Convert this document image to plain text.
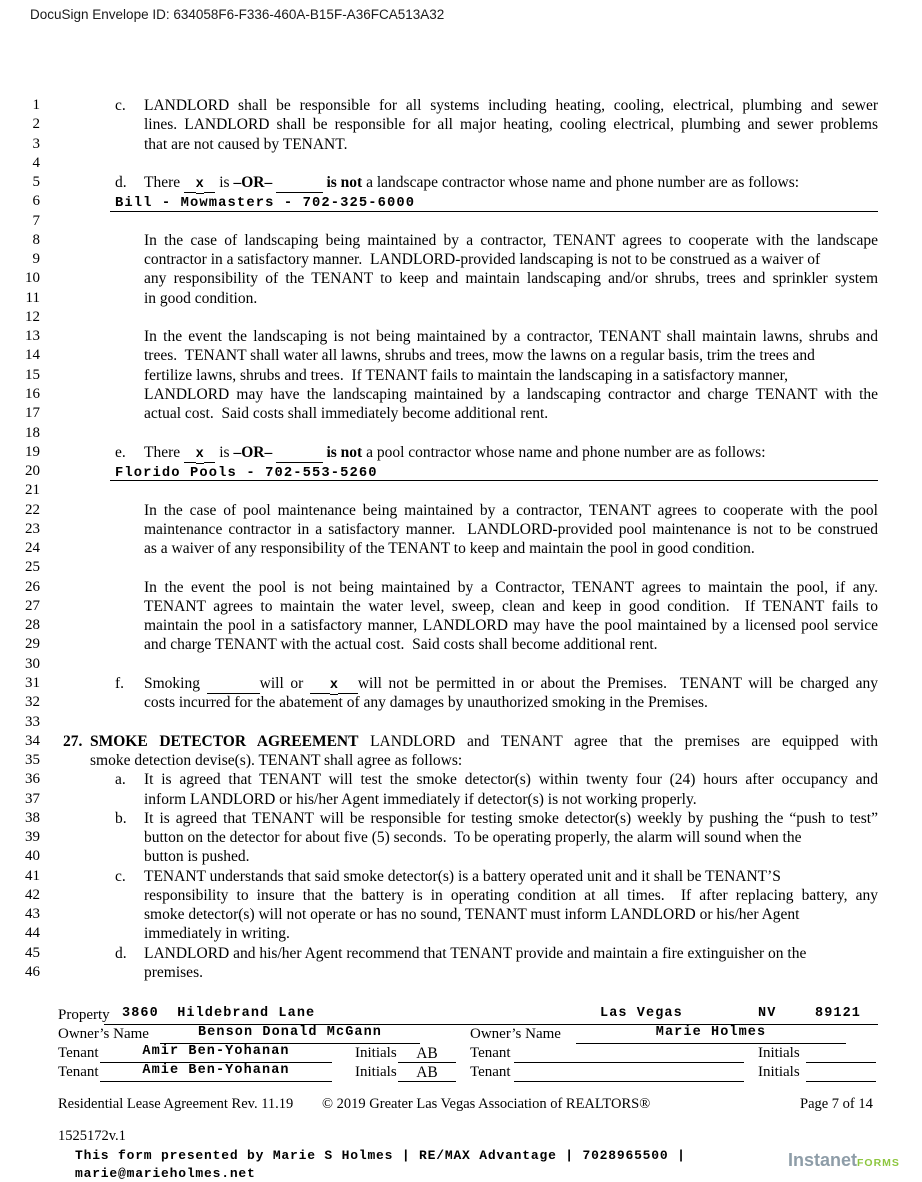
DocuSign Envelope ID: 634058F6-F336-460A-B15F-A36FCA513A32
1	c. LANDLORD shall be responsible for all systems including heating, cooling, electrical, plumbing and sewer
2	lines. LANDLORD shall be responsible for all major heating, cooling electrical, plumbing and sewer problems
3	that are not caused by TENANT.
4
5	d. There    x    is –OR–	is not a landscape contractor whose name and phone number are as follows:
6	Bill - Mowmasters - 702-325-6000
7
8	In the case of landscaping being maintained by a contractor, TENANT agrees to cooperate with the landscape
9	contractor in a satisfactory manner.  LANDLORD-provided landscaping is not to be construed as a waiver of
10	any responsibility of the TENANT to keep and maintain landscaping and/or shrubs, trees and sprinkler system
11	in good condition.
12
13	In the event the landscaping is not being maintained by a contractor, TENANT shall maintain lawns, shrubs and
14	trees.  TENANT shall water all lawns, shrubs and trees, mow the lawns on a regular basis, trim the trees and
15	fertilize lawns, shrubs and trees.  If TENANT fails to maintain the landscaping in a satisfactory manner,
16	LANDLORD may have the landscaping maintained by a landscaping contractor and charge TENANT with the
17	actual cost.  Said costs shall immediately become additional rent.
18
19	e. There    x    is –OR–	is not a pool contractor whose name and phone number are as follows:
20	Florido Pools - 702-553-5260
21
22	In the case of pool maintenance being maintained by a contractor, TENANT agrees to cooperate with the pool
23	maintenance contractor in a satisfactory manner.  LANDLORD-provided pool maintenance is not to be construed
24	as a waiver of any responsibility of the TENANT to keep and maintain the pool in good condition.
25
26	In the event the pool is not being maintained by a Contractor, TENANT agrees to maintain the pool, if any.
27	TENANT agrees to maintain the water level, sweep, clean and keep in good condition.  If TENANT fails to
28	maintain the pool in a satisfactory manner, LANDLORD may have the pool maintained by a licensed pool service
29	and charge TENANT with the actual cost.  Said costs shall become additional rent.
30
31	f. Smoking	will or    x will not be permitted in or about the Premises.  TENANT will be charged any
32	costs incurred for the abatement of any damages by unauthorized smoking in the Premises.
33
34 27. SMOKE DETECTOR AGREEMENT LANDLORD and TENANT agree that the premises are equipped with
35	smoke detection devise(s). TENANT shall agree as follows:
36	a. It is agreed that TENANT will test the smoke detector(s) within twenty four (24) hours after occupancy and
37	inform LANDLORD or his/her Agent immediately if detector(s) is not working properly.
38	b. It is agreed that TENANT will be responsible for testing smoke detector(s) weekly by pushing the “push to test”
39	button on the detector for about five (5) seconds.  To be operating properly, the alarm will sound when the
40	button is pushed.
41	c. TENANT understands that said smoke detector(s) is a battery operated unit and it shall be TENANT’S
42	responsibility to insure that the battery is in operating condition at all times.  If after replacing battery, any
43	smoke detector(s) will not operate or has no sound, TENANT must inform LANDLORD or his/her Agent
44	immediately in writing.
45	d. LANDLORD and his/her Agent recommend that TENANT provide and maintain a fire extinguisher on the
46	premises.
Property 3860  Hildebrand Lane	Las Vegas	NV	89121
Owner’s Name	Benson Donald McGann	Owner’s Name	Marie Holmes
Tenant	Amir Ben-Yohanan	Initials	AB	Tenant	Initials
Tenant	Amie Ben-Yohanan	Initials	AB	Tenant	Initials
Residential Lease Agreement Rev. 11.19 © 2019 Greater Las Vegas Association of REALTORS®	Page 7 of 14
1525172v.1
This form presented by Marie S Holmes | RE/MAX Advantage | 7028965500 |
marie@marieholmes.net
InstanetFORMS
